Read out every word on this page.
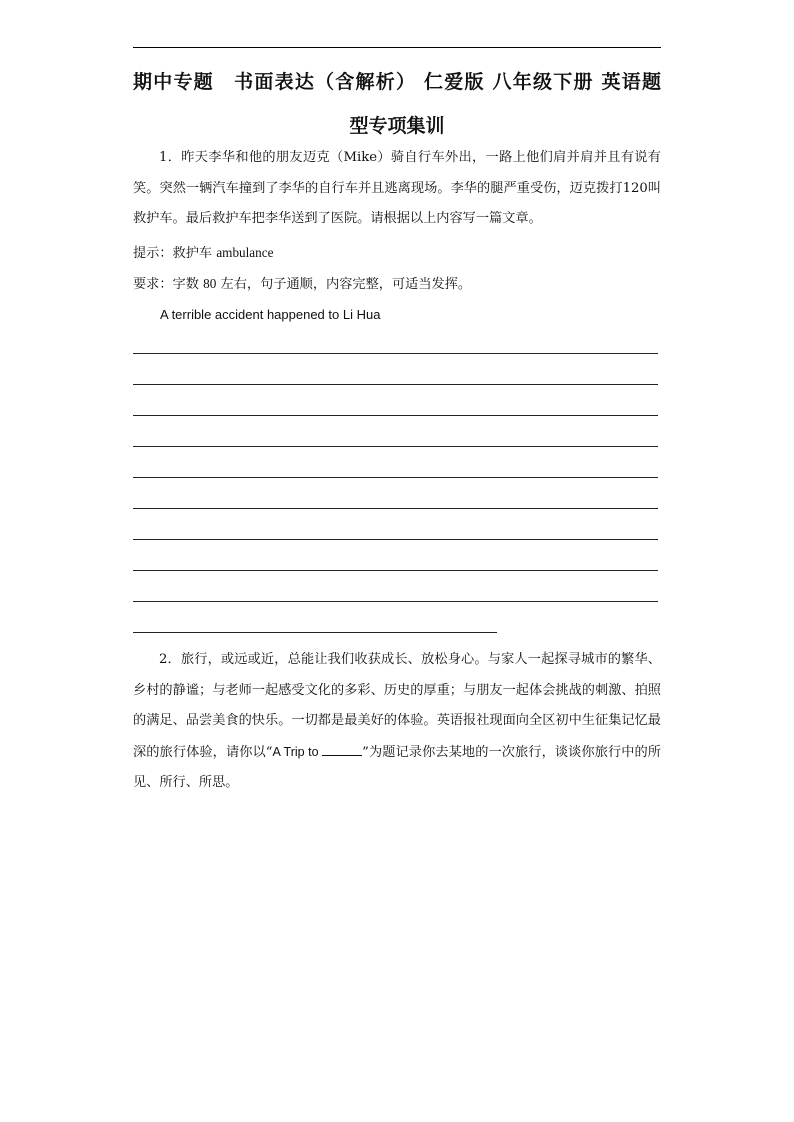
期中专题　书面表达（含解析） 仁爱版 八年级下册 英语题
型专项集训

1．昨天李华和他的朋友迈克（Mike）骑自行车外出，一路上他们肩并肩并且有说有笑。突然一辆汽车撞到了李华的自行车并且逃离现场。李华的腿严重受伤，迈克拨打120叫救护车。最后救护车把李华送到了医院。请根据以上内容写一篇文章。

提示：救护车 ambulance
要求：字数 80 左右，句子通顺，内容完整，可适当发挥。
A terrible accident happened to Li Hua

2．旅行，或远或近，总能让我们收获成长、放松身心。与家人一起探寻城市的繁华、乡村的静谧；与老师一起感受文化的多彩、历史的厚重；与朋友一起体会挑战的刺激、拍照的满足、品尝美食的快乐。一切都是最美好的体验。英语报社现面向全区初中生征集记忆最深的旅行体验，请你以“A Trip to	”为题记录你去某地的一次旅行，谈谈你旅行中的所见、所行、所思。
